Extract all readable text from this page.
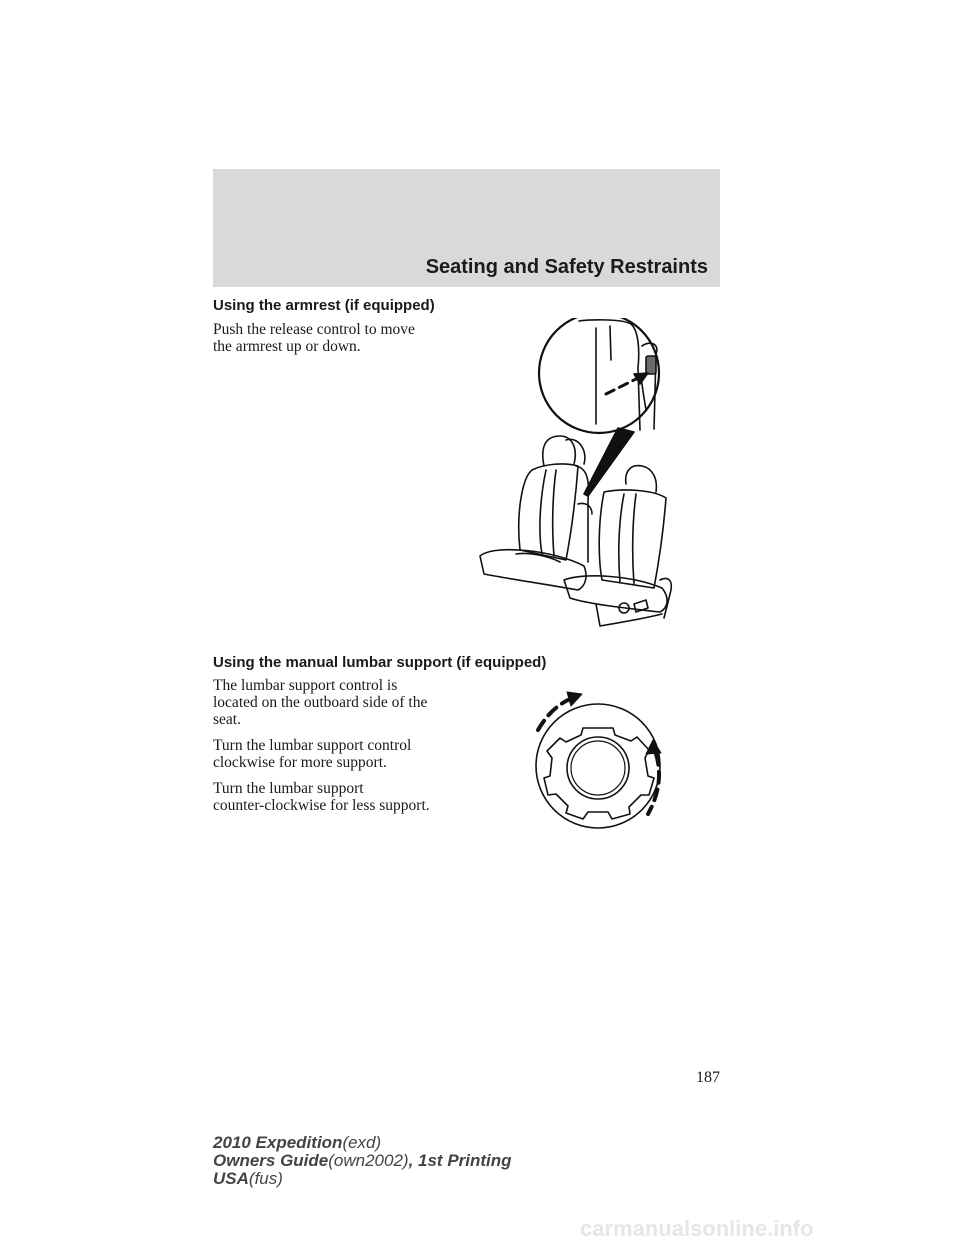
Seating and Safety Restraints
Using the armrest (if equipped)
Push the release control to move
the armrest up or down.
Using the manual lumbar support (if equipped)
The lumbar support control is
located on the outboard side of the
seat.
Turn the lumbar support control
clockwise for more support.
Turn the lumbar support
counter-clockwise for less support.
187
2010 Expedition(exd)
Owners Guide(own2002), 1st Printing
USA(fus)
carmanualsonline.info
